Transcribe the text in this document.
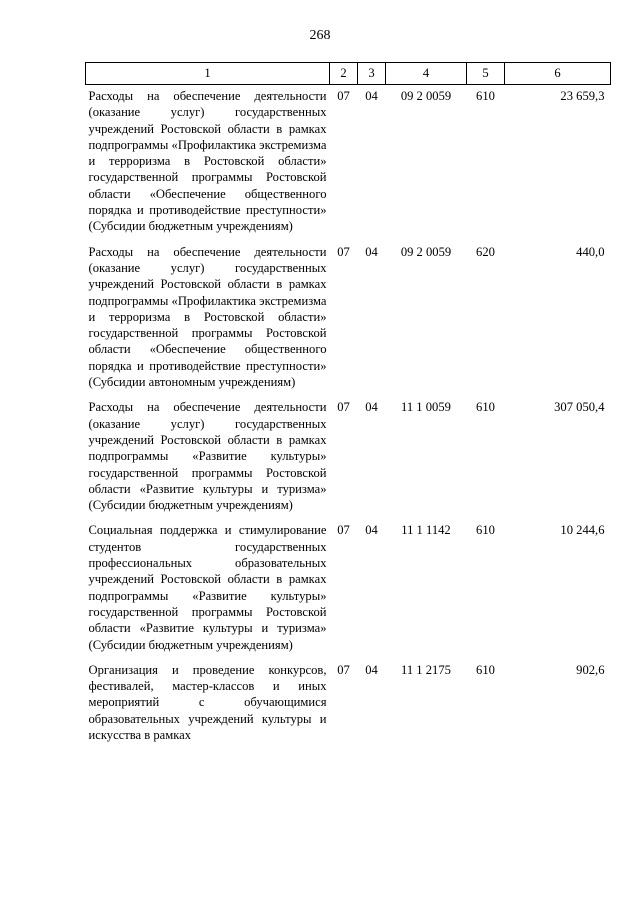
268
1	2	3	4	5	6
Расходы на обеспечение деятельности (оказание услуг) государственных учреждений Ростовской области в рамках подпрограммы «Профилактика экстремизма и терроризма в Ростовской области» государственной программы Ростовской области «Обеспечение общественного порядка и противодействие преступности» (Субсидии бюджетным учреждениям)	07	04	09 2 0059	610	23 659,3
Расходы на обеспечение деятельности (оказание услуг) государственных учреждений Ростовской области в рамках подпрограммы «Профилактика экстремизма и терроризма в Ростовской области» государственной программы Ростовской области «Обеспечение общественного порядка и противодействие преступности» (Субсидии автономным учреждениям)	07	04	09 2 0059	620	440,0
Расходы на обеспечение деятельности (оказание услуг) государственных учреждений Ростовской области в рамках подпрограммы «Развитие культуры» государственной программы Ростовской области «Развитие культуры и туризма» (Субсидии бюджетным учреждениям)	07	04	11 1 0059	610	307 050,4
Социальная поддержка и стимулирование студентов государственных профессиональных образовательных учреждений Ростовской области в рамках подпрограммы «Развитие культуры» государственной программы Ростовской области «Развитие культуры и туризма» (Субсидии бюджетным учреждениям)	07	04	11 1 1142	610	10 244,6
Организация и проведение конкурсов, фестивалей, мастер-классов и иных мероприятий с обучающимися образовательных учреждений культуры и искусства в рамках	07	04	11 1 2175	610	902,6
